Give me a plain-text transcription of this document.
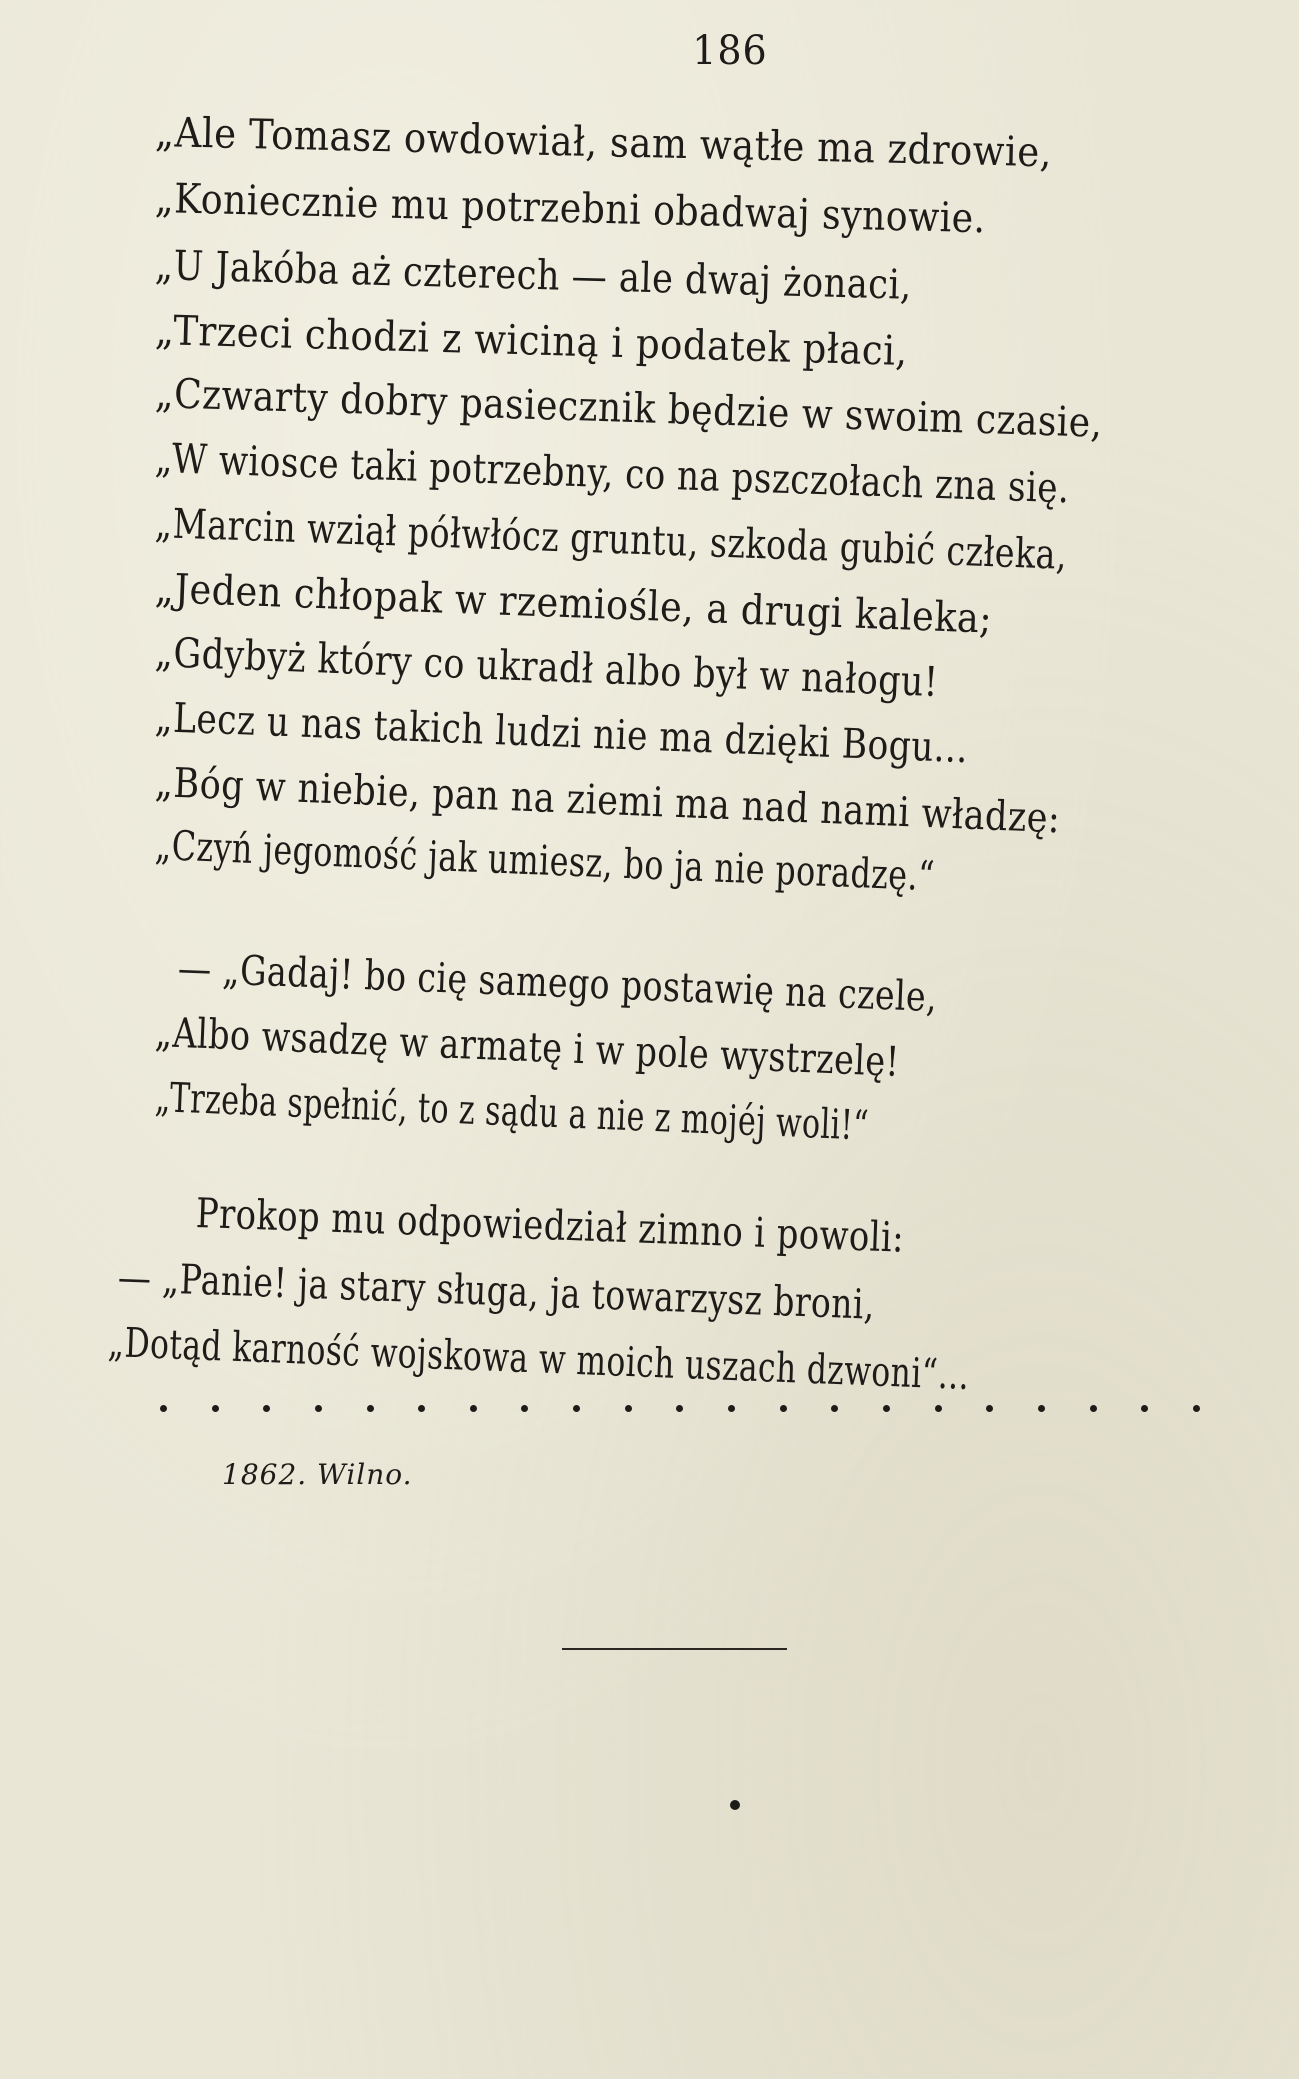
186
„Ale Tomasz owdowiał, sam wątłe ma zdrowie,
„Koniecznie mu potrzebni obadwaj synowie.
„U Jakóba aż czterech — ale dwaj żonaci,
„Trzeci chodzi z wiciną i podatek płaci,
„Czwarty dobry pasiecznik będzie w swoim czasie,
„W wiosce taki potrzebny, co na pszczołach zna się.
„Marcin wziął półwłócz gruntu, szkoda gubić człeka,
„Jeden chłopak w rzemiośle, a drugi kaleka;
„Gdybyż który co ukradł albo był w nałogu!
„Lecz u nas takich ludzi nie ma dzięki Bogu...
„Bóg w niebie, pan na ziemi ma nad nami władzę:
„Czyń jegomość jak umiesz, bo ja nie poradzę.“
— „Gadaj! bo cię samego postawię na czele,
„Albo wsadzę w armatę i w pole wystrzelę!
„Trzeba spełnić, to z sądu a nie z mojéj woli!“
Prokop mu odpowiedział zimno i powoli:
— „Panie! ja stary sługa, ja towarzysz broni,
„Dotąd karność wojskowa w moich uszach dzwoni“...
1862. Wilno.
